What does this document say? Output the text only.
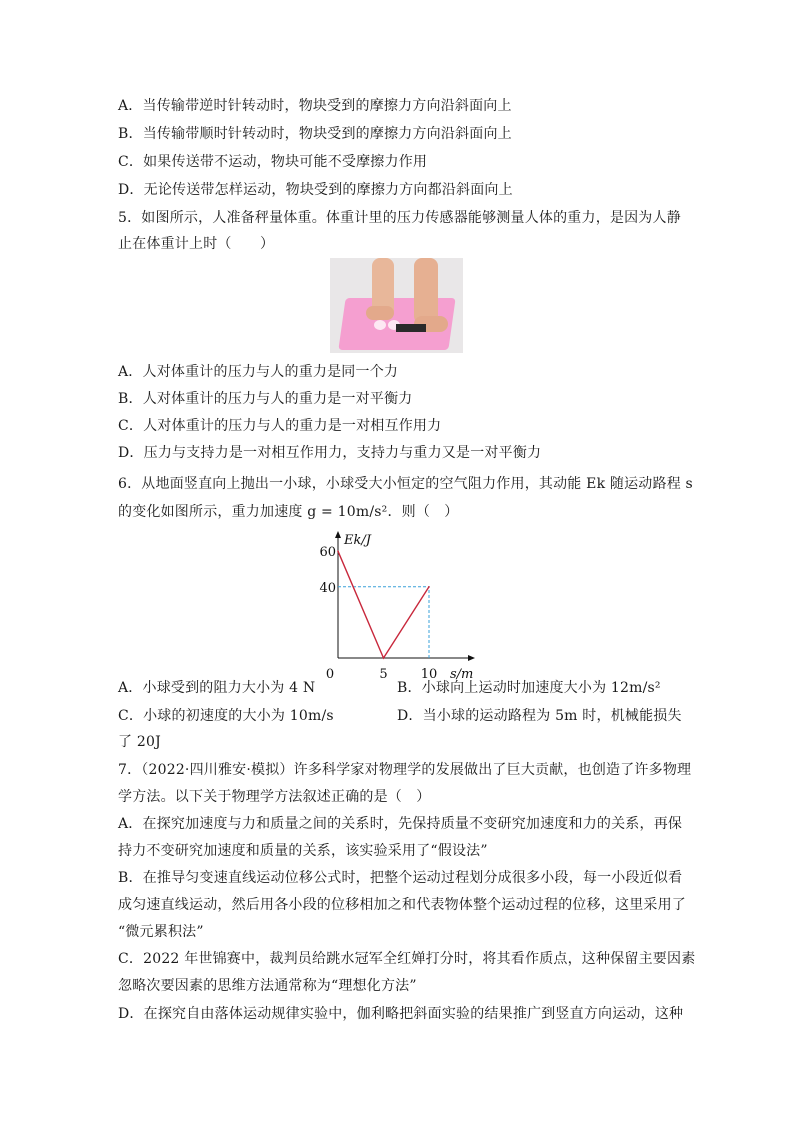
A．当传输带逆时针转动时，物块受到的摩擦力方向沿斜面向上
B．当传输带顺时针转动时，物块受到的摩擦力方向沿斜面向上
C．如果传送带不运动，物块可能不受摩擦力作用
D．无论传送带怎样运动，物块受到的摩擦力方向都沿斜面向上
5．如图所示，人准备秤量体重。体重计里的压力传感器能够测量人体的重力，是因为人静
止在体重计上时（　　）
A．人对体重计的压力与人的重力是同一个力
B．人对体重计的压力与人的重力是一对平衡力
C．人对体重计的压力与人的重力是一对相互作用力
D．压力与支持力是一对相互作用力，支持力与重力又是一对平衡力
6．从地面竖直向上抛出一小球，小球受大小恒定的空气阻力作用，其动能 Ek 随运动路程 s
的变化如图所示，重力加速度 g = 10m/s²．则（　）
40
60
0	5	10
Ek/J
s/m
A．小球受到的阻力大小为 4 N	B．小球向上运动时加速度大小为 12m/s²
C．小球的初速度的大小为 10m/s	D．当小球的运动路程为 5m 时，机械能损失
了 20J
7．（2022·四川雅安·模拟）许多科学家对物理学的发展做出了巨大贡献，也创造了许多物理
学方法。以下关于物理学方法叙述正确的是（　）
A．在探究加速度与力和质量之间的关系时，先保持质量不变研究加速度和力的关系，再保
持力不变研究加速度和质量的关系，该实验采用了“假设法”
B．在推导匀变速直线运动位移公式时，把整个运动过程划分成很多小段，每一小段近似看
成匀速直线运动，然后用各小段的位移相加之和代表物体整个运动过程的位移，这里采用了
“微元累积法”
C．2022 年世锦赛中，裁判员给跳水冠军全红婵打分时，将其看作质点，这种保留主要因素
忽略次要因素的思维方法通常称为“理想化方法”
D．在探究自由落体运动规律实验中，伽利略把斜面实验的结果推广到竖直方向运动，这种
